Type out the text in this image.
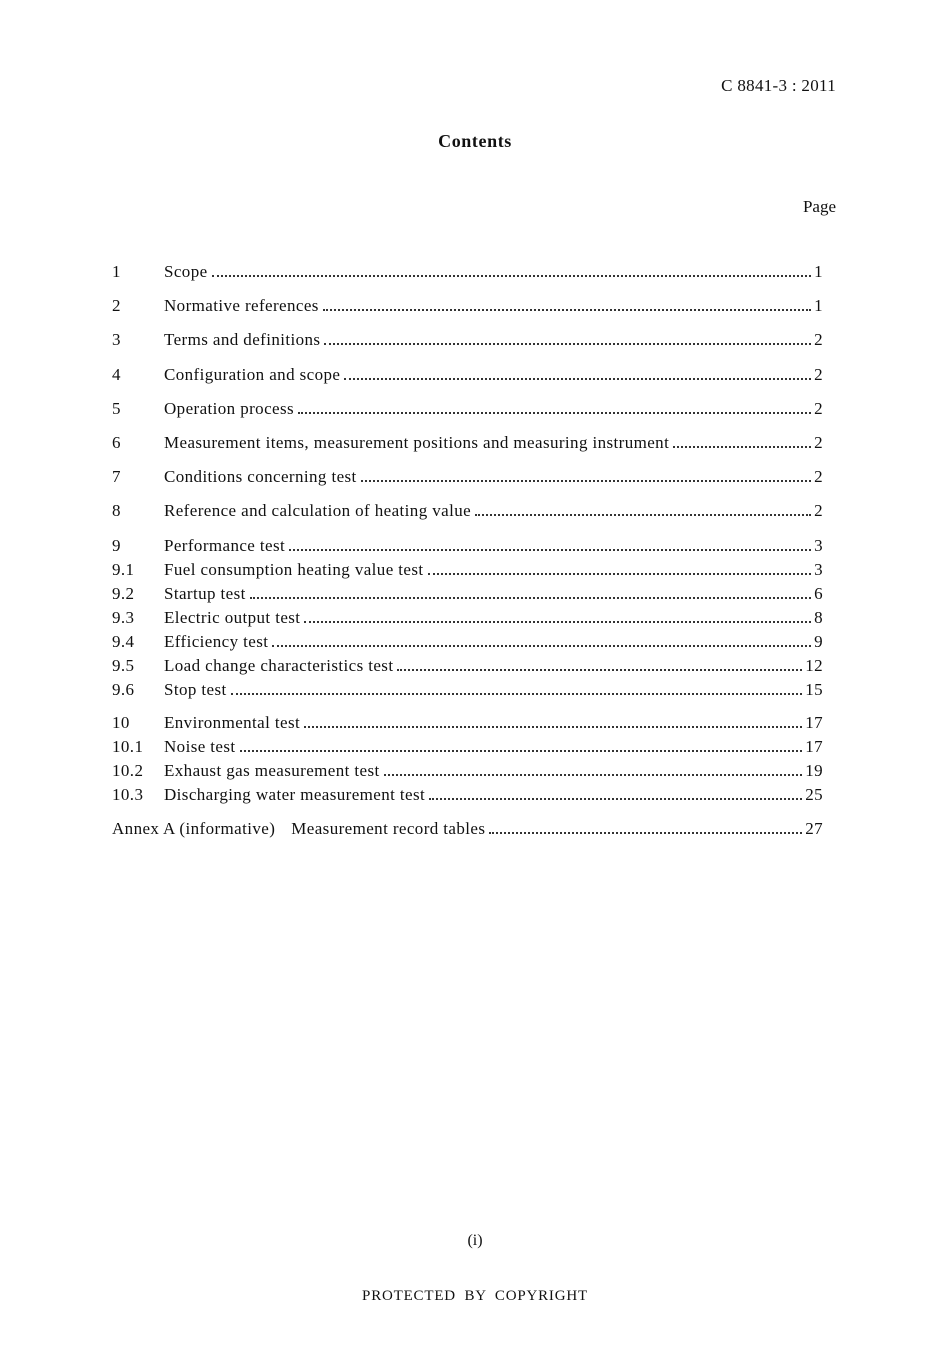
C 8841-3 : 2011
Contents
Page
1	Scope	1
2	Normative references	1
3	Terms and definitions	2
4	Configuration and scope	2
5	Operation process	2
6	Measurement items, measurement positions and measuring instrument	2
7	Conditions concerning test	2
8	Reference and calculation of heating value	2
9	Performance test	3
9.1	Fuel consumption heating value test	3
9.2	Startup test	6
9.3	Electric output test	8
9.4	Efficiency test	9
9.5	Load change characteristics test	12
9.6	Stop test	15
10	Environmental test	17
10.1	Noise test	17
10.2	Exhaust gas measurement test	19
10.3	Discharging water measurement test	25
Annex A (informative) Measurement record tables	27
(i)
PROTECTED BY COPYRIGHT
